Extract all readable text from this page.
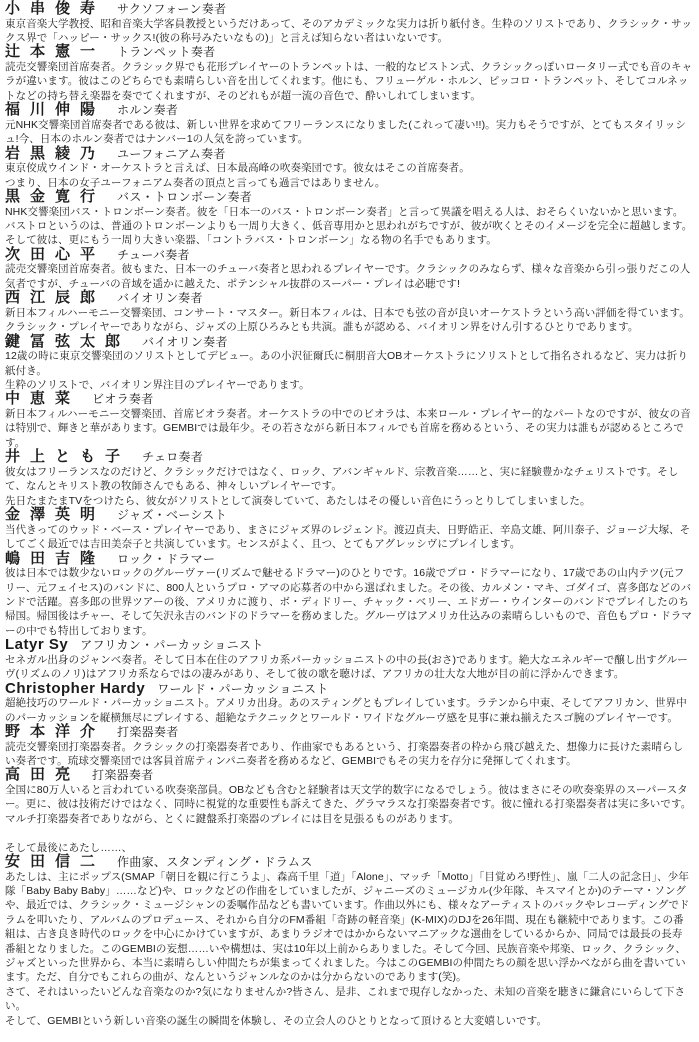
小串俊寿 サクソフォーン奏者
東京音楽大学教授、昭和音楽大学客員教授というだけあって、そのアカデミックな実力は折り紙付き。生粋のソリストであり、クラシック・サックス界で「ハッピー・サックス!(彼の称号みたいなもの)」と言えば知らない者はいないです。
辻本憲一 トランペット奏者
読売交響楽団首席奏者。クラシック界でも花形プレイヤーのトランペットは、一般的なピストン式、クラシックっぽいロータリー式でも音のキャラが違います。彼はこのどちらでも素晴らしい音を出してくれます。他にも、フリューゲル・ホルン、ピッコロ・トランペット、そしてコルネットなどの持ち替え楽器を奏でてくれますが、そのどれもが超一流の音色で、酔いしれてしまいます。
福川伸陽 ホルン奏者
元NHK交響楽団首席奏者である彼は、新しい世界を求めてフリーランスになりました(これって凄い!!)。実力もそうですが、とてもスタイリッシュ!今、日本のホルン奏者ではナンバー1の人気を誇っています。
岩黒綾乃 ユーフォニアム奏者
東京佼成ウインド・オーケストラと言えば、日本最高峰の吹奏楽団です。彼女はそこの首席奏者。
つまり、日本の女子ユーフォニアム奏者の頂点と言っても過言ではありません。
黒金寛行 バス・トロンボーン奏者
NHK交響楽団バス・トロンボーン奏者。彼を「日本一のバス・トロンボーン奏者」と言って異議を唱える人は、おそらくいないかと思います。バストロというのは、普通のトロンボーンよりも一周り大きく、低音専用かと思われがちですが、彼が吹くとそのイメージを完全に超越します。
そして彼は、更にもう一周り大きい楽器、「コントラバス・トロンボーン」なる物の名手でもあります。
次田心平 チューバ奏者
読売交響楽団首席奏者。彼もまた、日本一のチューバ奏者と思われるプレイヤーです。クラシックのみならず、様々な音楽から引っ張りだこの人気者ですが、チューバの音域を遥かに越えた、ポテンシャル抜群のスーパー・プレイは必聴です!
西江辰郎 バイオリン奏者
新日本フィルハーモニー交響楽団、コンサート・マスター。新日本フィルは、日本でも弦の音が良いオーケストラという高い評価を得ています。
クラシック・プレイヤーでありながら、ジャズの上原ひろみとも共演。誰もが認める、バイオリン界をけん引するひとりであります。
鍵冨弦太郎 バイオリン奏者
12歳の時に東京交響楽団のソリストとしてデビュー。あの小沢征爾氏に桐朋音大OBオーケストラにソリストとして指名されるなど、実力は折り紙付き。
生粋のソリストで、バイオリン界注目のプレイヤーであります。
中恵菜 ビオラ奏者
新日本フィルハーモニー交響楽団、首席ビオラ奏者。オーケストラの中でのビオラは、本来ロール・プレイヤー的なパートなのですが、彼女の音は特別で、輝きと華があります。GEMBIでは最年少。その若さながら新日本フィルでも首席を務めるという、その実力は誰もが認めるところです。
井上とも子 チェロ奏者
彼女はフリーランスなのだけど、クラシックだけではなく、ロック、アバンギャルド、宗教音楽……と、実に経験豊かなチェリストです。そして、なんとキリスト教の牧師さんでもある、神々しいプレイヤーです。
先日たまたまTVをつけたら、彼女がソリストとして演奏していて、あたしはその優しい音色にうっとりしてしまいました。
金澤英明 ジャズ・ベーシスト
当代きってのウッド・ベース・プレイヤーであり、まさにジャズ界のレジェンド。渡辺貞夫、日野皓正、辛島文雄、阿川泰子、ジョージ大塚、そしてごく最近では吉田美奈子と共演しています。センスがよく、且つ、とてもアグレッシヴにプレイします。
嶋田吉隆 ロック・ドラマー
彼は日本では数少ないロックのグルーヴァー(リズムで魅せるドラマー)のひとりです。16歳でプロ・ドラマーになり、17歳であの山内テツ(元フリー、元フェイセス)のバンドに、800人というプロ・アマの応募者の中から選ばれました。その後、カルメン・マキ、ゴダイゴ、喜多郎などのバンドで活躍。喜多郎の世界ツアーの後、アメリカに渡り、ボ・ディドリー、チャック・ベリー、エドガー・ウインターのバンドでプレイしたのち帰国。帰国後はチャー、そして矢沢永吉のバンドのドラマーを務めました。グルーヴはアメリカ仕込みの素晴らしいもので、音色もプロ・ドラマーの中でも特出しております。
Latyr Sy アフリカン・パーカッショニスト
セネガル出身のジャンベ奏者。そして日本在住のアフリカ系パーカッショニストの中の長(おさ)であります。絶大なエネルギーで醸し出すグルーヴ(リズムのノリ)はアフリカ系ならではの凄みがあり、そして彼の歌を聴けば、アフリカの壮大な大地が目の前に浮かんできます。
Christopher Hardy ワールド・パーカッショニスト
超絶技巧のワールド・パーカッショニスト。アメリカ出身。あのスティングともプレイしています。ラテンから中東、そしてアフリカン、世界中のパーカッションを縦横無尽にプレイする、超絶なテクニックとワールド・ワイドなグルーヴ感を見事に兼ね揃えたスゴ腕のプレイヤーです。
野本洋介 打楽器奏者
読売交響楽団打楽器奏者。クラシックの打楽器奏者であり、作曲家でもあるという、打楽器奏者の枠から飛び越えた、想像力に長けた素晴らしい奏者です。琉球交響楽団では客員首席ティンパニ奏者を務めるなど、GEMBIでもその実力を存分に発揮してくれます。
高田亮 打楽器奏者
全国に80万人いると言われている吹奏楽部員。OBなども含むと経験者は天文学的数字になるでしょう。彼はまさにその吹奏楽界のスーパースター。更に、彼は技術だけではなく、同時に視覚的な重要性も訴えてきた、グラマラスな打楽器奏者です。彼に憧れる打楽器奏者は実に多いです。マルチ打楽器奏者でありながら、とくに鍵盤系打楽器のプレイには目を見張るものがあります。
そして最後にあたし……、
安田信二 作曲家、スタンディング・ドラムス
あたしは、主にポップス(SMAP「朝日を観に行こうよ」、森高千里「道」「Alone」、マッチ「Motto」「目覚めろ!野性」、嵐「二人の記念日」、少年隊「Baby Baby Baby」……など)や、ロックなどの作曲をしていましたが、ジャニーズのミュージカル(少年隊、キスマイとか)のテーマ・ソングや、最近では、クラシック・ミュージシャンの委嘱作品なども書いています。作曲以外にも、様々なアーティストのバックやレコーディングでドラムを叩いたり、アルバムのプロデュース、それから自分のFM番組「奇跡の軽音楽」(K-MIX)のDJを26年間、現在も継続中であります。この番組は、古き良き時代のロックを中心にかけていますが、あまりラジオではかからないマニアックな選曲をしているからか、同局では最長の長寿番組となりました。このGEMBIの妄想……いや構想は、実は10年以上前からありました。そして今回、民族音楽や邦楽、ロック、クラシック、ジャズといった世界から、本当に素晴らしい仲間たちが集まってくれました。今はこのGEMBIの仲間たちの顔を思い浮かべながら曲を書いています。ただ、自分でもこれらの曲が、なんというジャンルなのかは分からないのであります(笑)。
さて、それはいったいどんな音楽なのか?気になりませんか?皆さん、是非、これまで現存しなかった、未知の音楽を聴きに鎌倉にいらして下さい。
そして、GEMBIという新しい音楽の誕生の瞬間を体験し、その立会人のひとりとなって頂けると大変嬉しいです。
